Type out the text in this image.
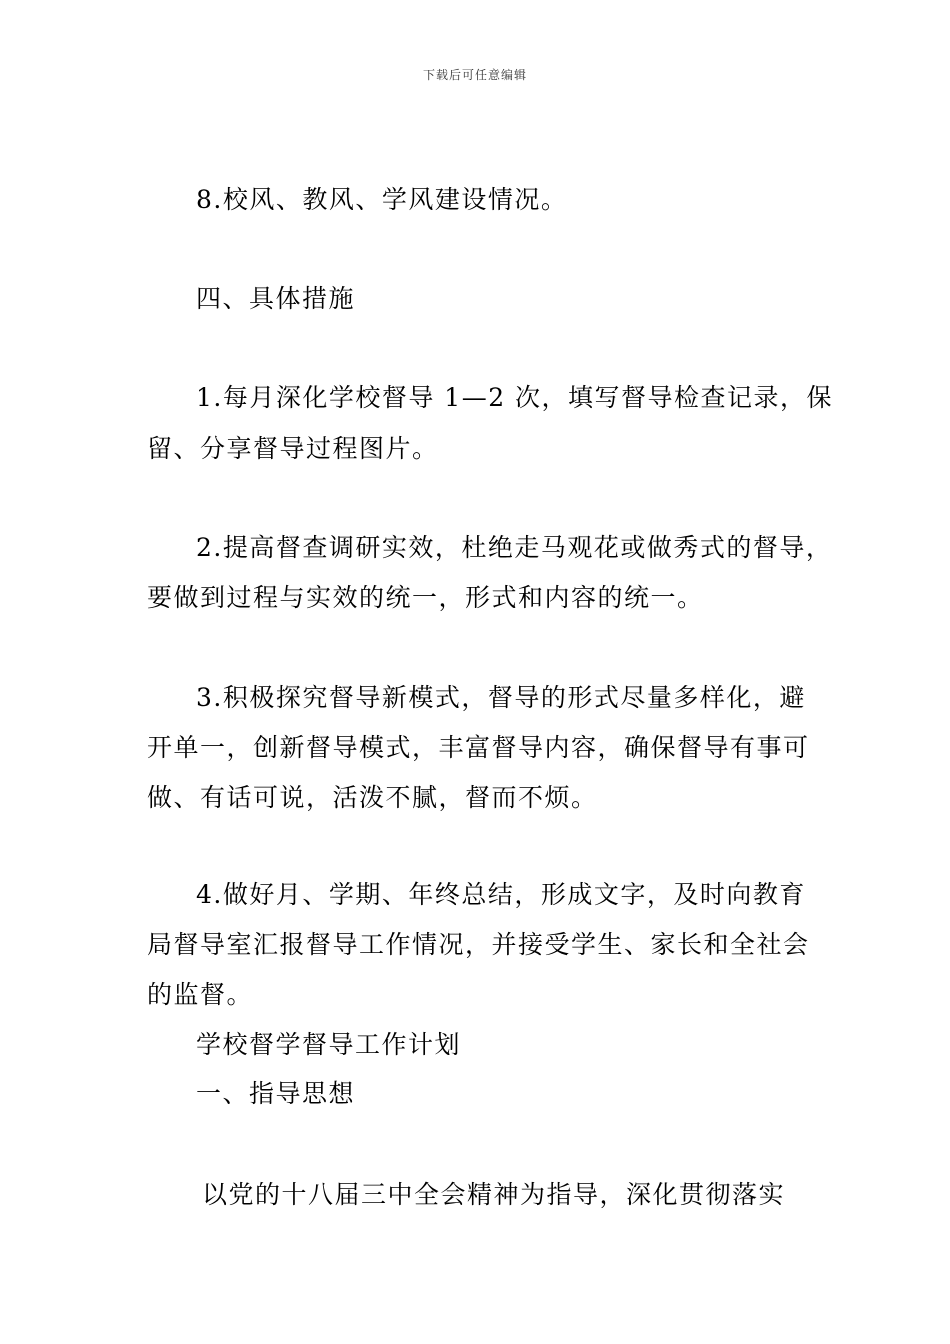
下载后可任意编辑
8.校风、教风、学风建设情况。
四、具体措施
1.每月深化学校督导 1—2 次，填写督导检查记录，保
留、分享督导过程图片。
2.提高督查调研实效，杜绝走马观花或做秀式的督导，
要做到过程与实效的统一，形式和内容的统一。
3.积极探究督导新模式，督导的形式尽量多样化，避
开单一，创新督导模式，丰富督导内容，确保督导有事可
做、有话可说，活泼不腻，督而不烦。
4.做好月、学期、年终总结，形成文字，及时向教育
局督导室汇报督导工作情况，并接受学生、家长和全社会
的监督。
学校督学督导工作计划
一、指导思想
以党的十八届三中全会精神为指导，深化贯彻落实
